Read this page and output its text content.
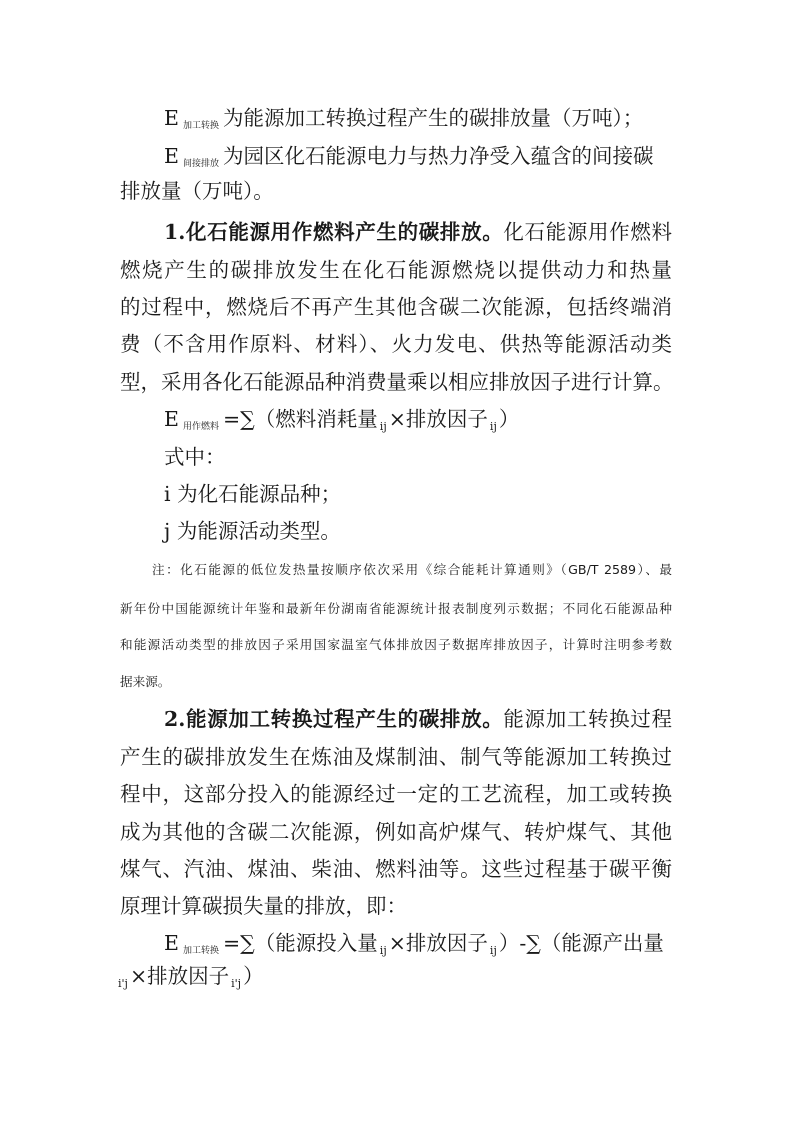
E加工转换 为能源加工转换过程产生的碳排放量（万吨）；
E间接排放 为园区化石能源电力与热力净受入蕴含的间接碳
排放量（万吨）。
1.化石能源用作燃料产生的碳排放。化石能源用作燃料
燃烧产生的碳排放发生在化石能源燃烧以提供动力和热量
的过程中，燃烧后不再产生其他含碳二次能源，包括终端消
费（不含用作原料、材料）、火力发电、供热等能源活动类
型，采用各化石能源品种消费量乘以相应排放因子进行计算。
E用作燃料 =∑（燃料消耗量 ij×排放因子 ij）
式中：
i 为化石能源品种；
j 为能源活动类型。
注：化石能源的低位发热量按顺序依次采用《综合能耗计算通则》（GB/T 2589）、最
新年份中国能源统计年鉴和最新年份湖南省能源统计报表制度列示数据；不同化石能源品种
和能源活动类型的排放因子采用国家温室气体排放因子数据库排放因子，计算时注明参考数
据来源。
2.能源加工转换过程产生的碳排放。能源加工转换过程
产生的碳排放发生在炼油及煤制油、制气等能源加工转换过
程中，这部分投入的能源经过一定的工艺流程，加工或转换
成为其他的含碳二次能源，例如高炉煤气、转炉煤气、其他
煤气、汽油、煤油、柴油、燃料油等。这些过程基于碳平衡
原理计算碳损失量的排放，即：
E加工转换 =∑（能源投入量 ij×排放因子 ij）-∑（能源产出量
i'j×排放因子 i'j）
